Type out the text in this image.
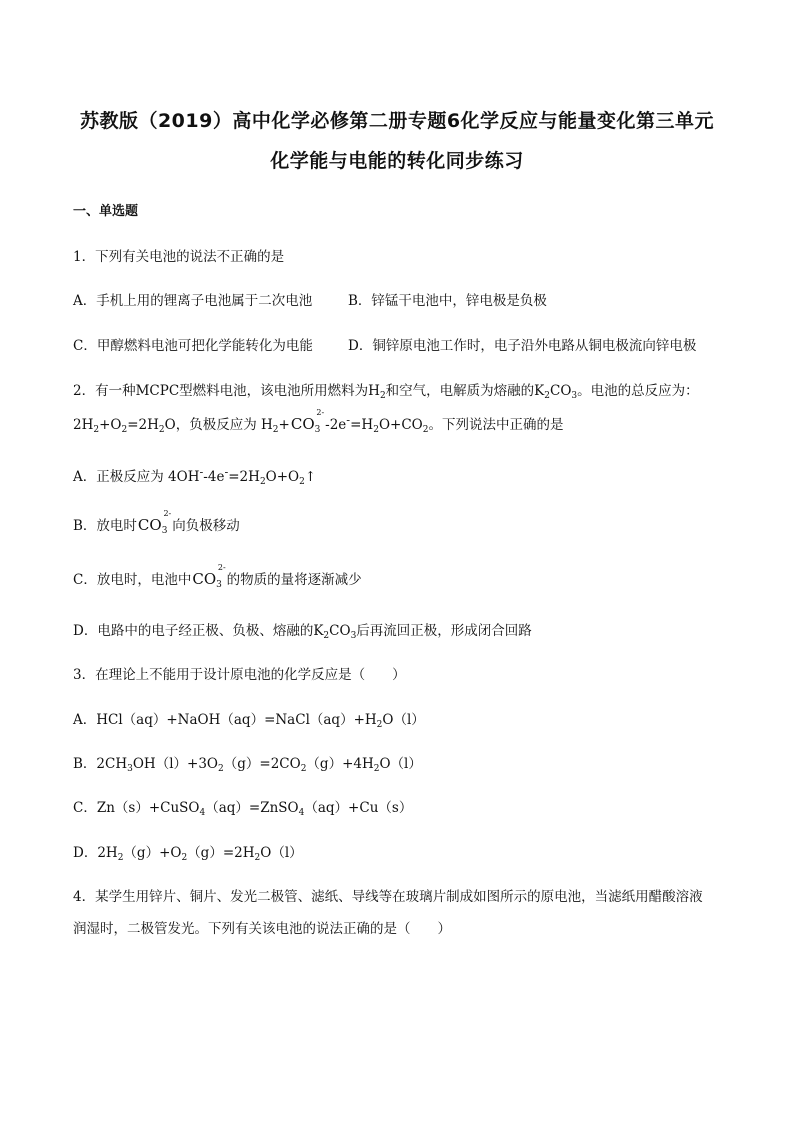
苏教版（2019）高中化学必修第二册专题6化学反应与能量变化第三单元
化学能与电能的转化同步练习
一、单选题
1．下列有关电池的说法不正确的是
A．手机上用的锂离子电池属于二次电池	B．锌锰干电池中，锌电极是负极
C．甲醇燃料电池可把化学能转化为电能	D．铜锌原电池工作时，电子沿外电路从铜电极流向锌电极
2．有一种MCPC型燃料电池，该电池所用燃料为$H_2$和空气，电解质为熔融的$K_2CO_3$。电池的总反应为：
$2H_2+O_2=2H_2O$，负极反应为 $H_2+CO_3^{2-}-2e^-=H_2O+CO_2$。下列说法中正确的是
A．正极反应为 $4OH^--4e^-=2H_2O+O_2↑$
B．放电时$CO_3^{2-}$向负极移动
C．放电时，电池中$CO_3^{2-}$的物质的量将逐渐减少
D．电路中的电子经正极、负极、熔融的$K_2CO_3$后再流回正极，形成闭合回路
3．在理论上不能用于设计原电池的化学反应是（　　）
A．$HCl(aq)+NaOH(aq)=NaCl(aq)+H_2O(l)$
B．$2CH_3OH(l)+3O_2(g)=2CO_2(g)+4H_2O(l)$
C．Zn（s）+CuSO$_4$（aq）=ZnSO$_4$（aq）+Cu（s）
D．$2H_2(g)+O_2(g)=2H_2O(l)$
4．某学生用锌片、铜片、发光二极管、滤纸、导线等在玻璃片制成如图所示的原电池，当滤纸用醋酸溶液
润湿时，二极管发光。下列有关该电池的说法正确的是（　　）
